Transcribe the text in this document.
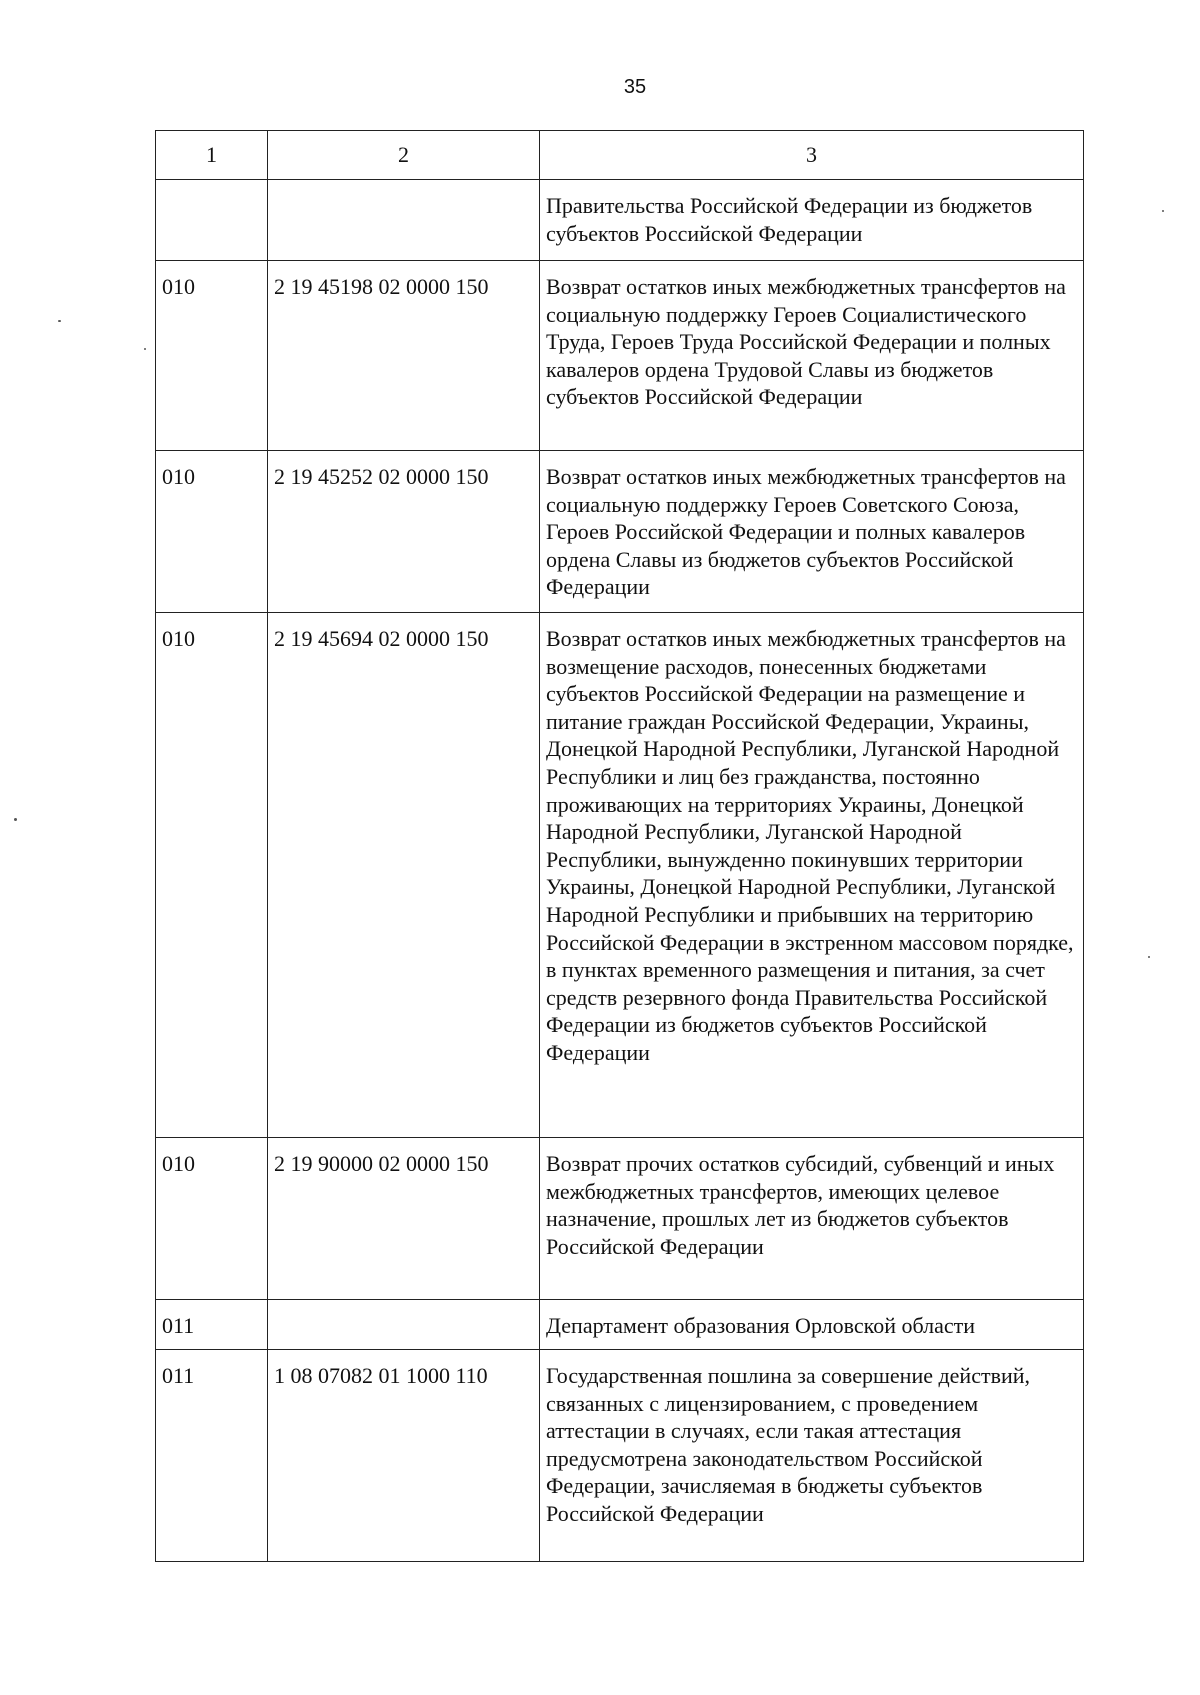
35
1	2	3

		Правительства Российской Федерации из бюджетов субъектов Российской Федерации

010	2 19 45198 02 0000 150	Возврат остатков иных межбюджетных трансфертов на социальную поддержку Героев Социалистического Труда, Героев Труда Российской Федерации и полных кавалеров ордена Трудовой Славы из бюджетов субъектов Российской Федерации

010	2 19 45252 02 0000 150	Возврат остатков иных межбюджетных трансфертов на социальную поддержку Героев Советского Союза, Героев Российской Федерации и полных кавалеров ордена Славы из бюджетов субъектов Российской Федерации

010	2 19 45694 02 0000 150	Возврат остатков иных межбюджетных трансфертов на возмещение расходов, понесенных бюджетами субъектов Российской Федерации на размещение и питание граждан Российской Федерации, Украины, Донецкой Народной Республики, Луганской Народной Республики и лиц без гражданства, постоянно проживающих на территориях Украины, Донецкой Народной Республики, Луганской Народной Республики, вынужденно покинувших территории Украины, Донецкой Народной Республики, Луганской Народной Республики и прибывших на территорию Российской Федерации в экстренном массовом порядке, в пунктах временного размещения и питания, за счет средств резервного фонда Правительства Российской Федерации из бюджетов субъектов Российской Федерации

010	2 19 90000 02 0000 150	Возврат прочих остатков субсидий, субвенций и иных межбюджетных трансфертов, имеющих целевое назначение, прошлых лет из бюджетов субъектов Российской Федерации

011		Департамент образования Орловской области

011	1 08 07082 01 1000 110	Государственная пошлина за совершение действий, связанных с лицензированием, с проведением аттестации в случаях, если такая аттестация предусмотрена законодательством Российской Федерации, зачисляемая в бюджеты субъектов Российской Федерации
